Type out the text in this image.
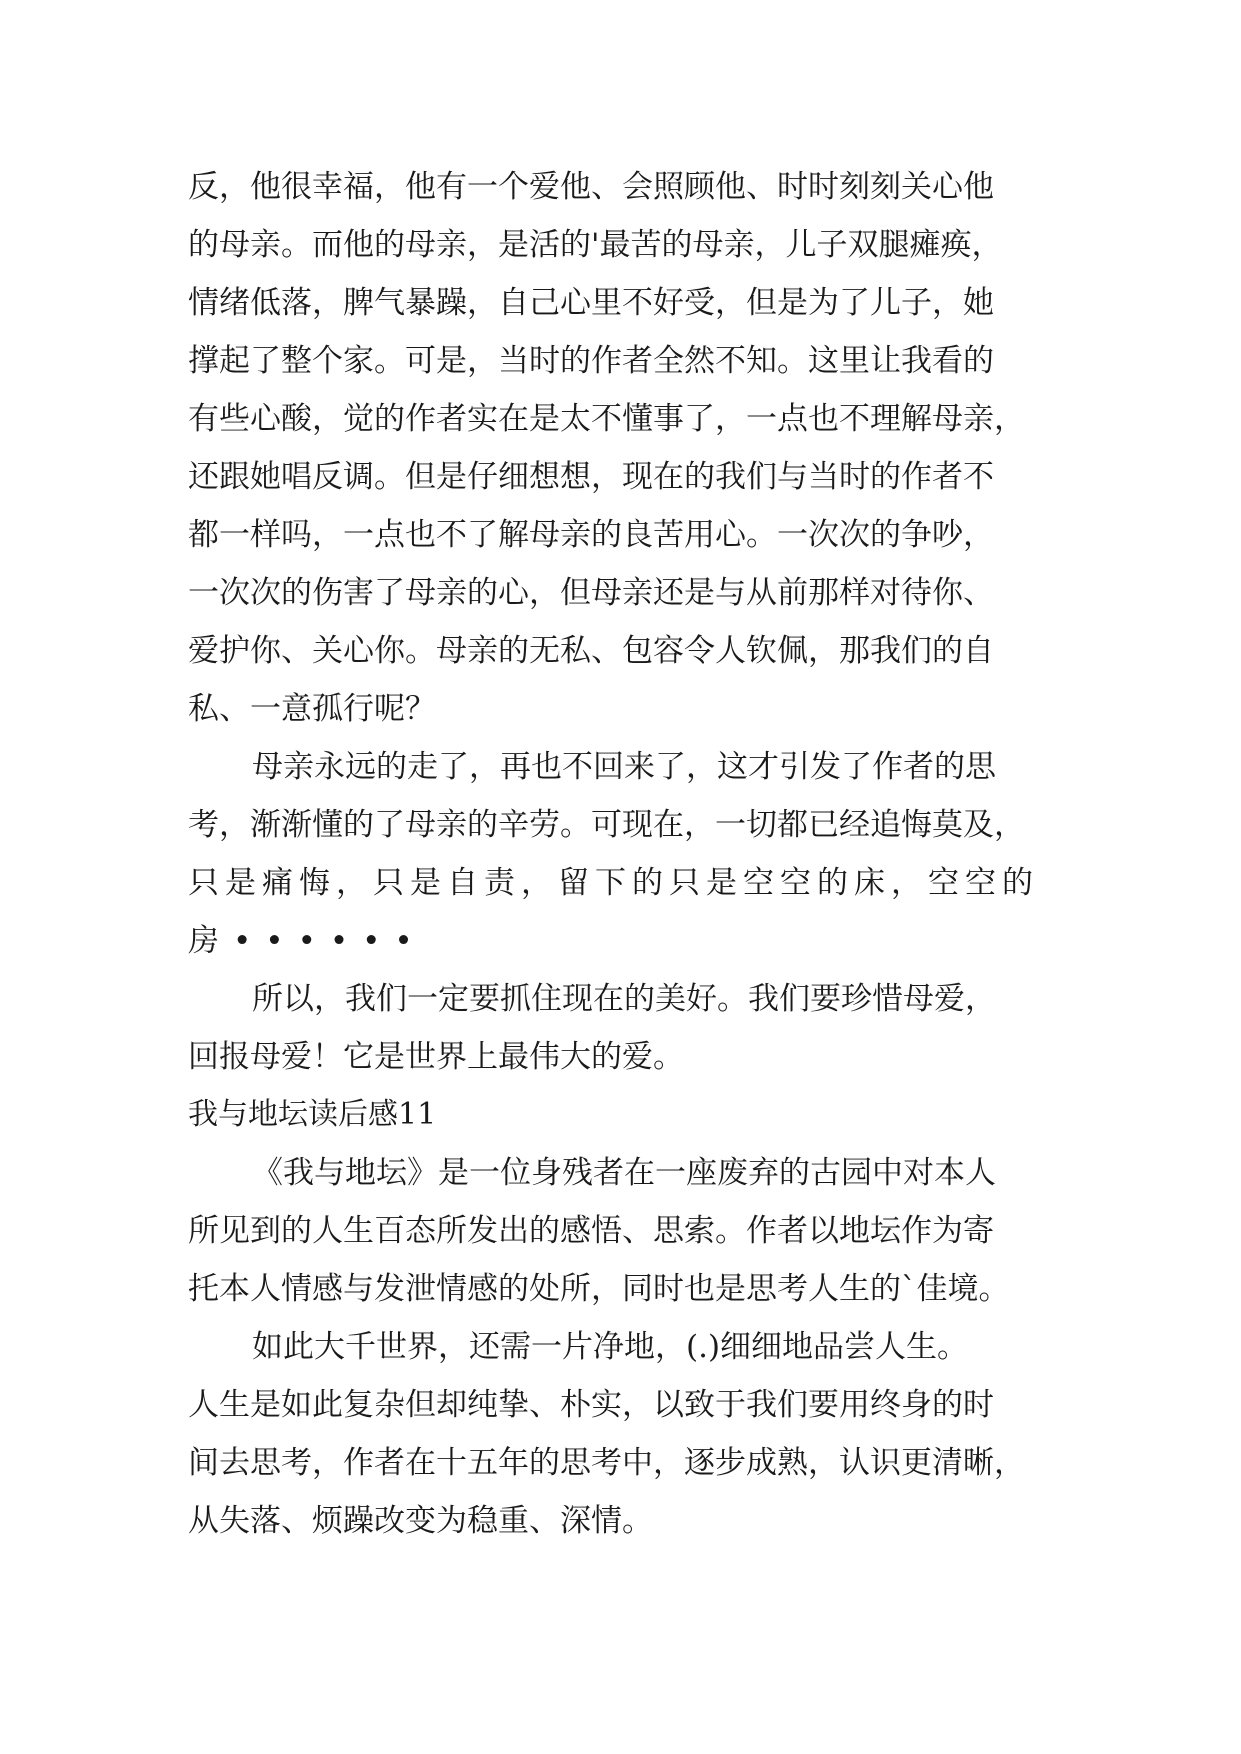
反，他很幸福，他有一个爱他、会照顾他、时时刻刻关心他
的母亲。而他的母亲，是活的'最苦的母亲，儿子双腿瘫痪，
情绪低落，脾气暴躁，自己心里不好受，但是为了儿子，她
撑起了整个家。可是，当时的作者全然不知。这里让我看的
有些心酸，觉的作者实在是太不懂事了，一点也不理解母亲，
还跟她唱反调。但是仔细想想，现在的我们与当时的作者不
都一样吗，一点也不了解母亲的良苦用心。一次次的争吵，
一次次的伤害了母亲的心，但母亲还是与从前那样对待你、
爱护你、关心你。母亲的无私、包容令人钦佩，那我们的自
私、一意孤行呢？
母亲永远的走了，再也不回来了，这才引发了作者的思
考，渐渐懂的了母亲的辛劳。可现在，一切都已经追悔莫及，
只是痛悔，只是自责，留下的只是空空的床，空空的
房••••••
所以，我们一定要抓住现在的美好。我们要珍惜母爱，
回报母爱！它是世界上最伟大的爱。
我与地坛读后感11
《我与地坛》是一位身残者在一座废弃的古园中对本人
所见到的人生百态所发出的感悟、思索。作者以地坛作为寄
托本人情感与发泄情感的处所，同时也是思考人生的`佳境。
如此大千世界，还需一片净地，(.)细细地品尝人生。
人生是如此复杂但却纯挚、朴实，以致于我们要用终身的时
间去思考，作者在十五年的思考中，逐步成熟，认识更清晰，
从失落、烦躁改变为稳重、深情。
